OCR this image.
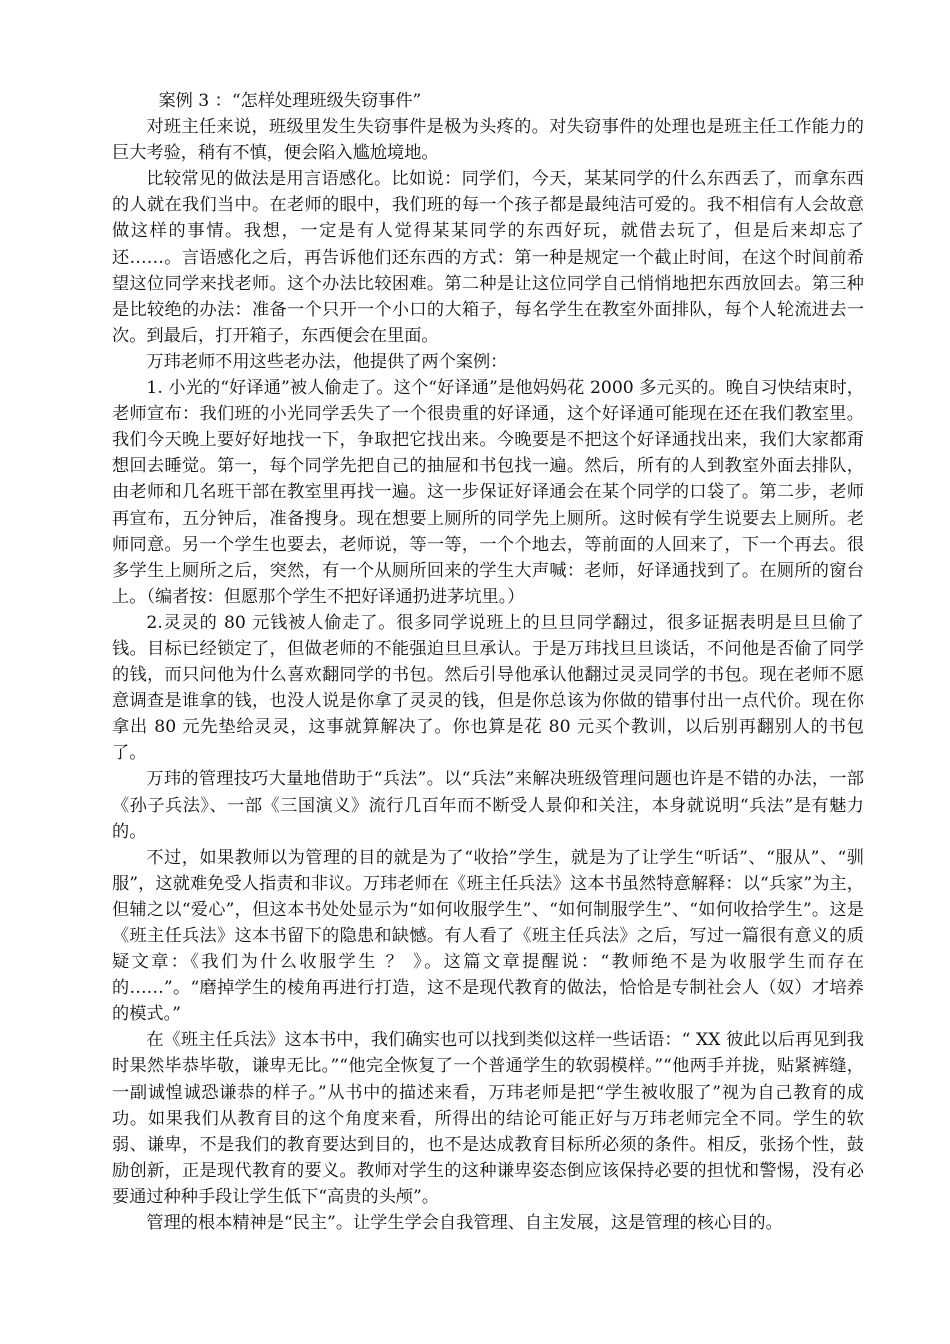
案例 3 ：“怎样处理班级失窃事件”

对班主任来说，班级里发生失窃事件是极为头疼的。对失窃事件的处理也是班主任工作能力的巨大考验，稍有不慎，便会陷入尴尬境地。

比较常见的做法是用言语感化。比如说：同学们，今天，某某同学的什么东西丢了，而拿东西的人就在我们当中。在老师的眼中，我们班的每一个孩子都是最纯洁可爱的。我不相信有人会故意做这样的事情。我想，一定是有人觉得某某同学的东西好玩，就借去玩了，但是后来却忘了还……。言语感化之后，再告诉他们还东西的方式：第一种是规定一个截止时间，在这个时间前希望这位同学来找老师。这个办法比较困难。第二种是让这位同学自己悄悄地把东西放回去。第三种是比较绝的办法：准备一个只开一个小口的大箱子，每名学生在教室外面排队，每个人轮流进去一次。到最后，打开箱子，东西便会在里面。

万玮老师不用这些老办法，他提供了两个案例：

1. 小光的“好译通”被人偷走了。这个“好译通”是他妈妈花 2000 多元买的。晚自习快结束时，老师宣布：我们班的小光同学丢失了一个很贵重的好译通，这个好译通可能现在还在我们教室里。我们今天晚上要好好地找一下，争取把它找出来。今晚要是不把这个好译通找出来，我们大家都甭想回去睡觉。第一，每个同学先把自己的抽屉和书包找一遍。然后，所有的人到教室外面去排队，由老师和几名班干部在教室里再找一遍。这一步保证好译通会在某个同学的口袋了。第二步，老师再宣布，五分钟后，准备搜身。现在想要上厕所的同学先上厕所。这时候有学生说要去上厕所。老师同意。另一个学生也要去，老师说，等一等，一个个地去，等前面的人回来了，下一个再去。很多学生上厕所之后，突然，有一个从厕所回来的学生大声喊：老师，好译通找到了。在厕所的窗台上。（编者按：但愿那个学生不把好译通扔进茅坑里。）

2.灵灵的 80 元钱被人偷走了。很多同学说班上的旦旦同学翻过，很多证据表明是旦旦偷了钱。目标已经锁定了，但做老师的不能强迫旦旦承认。于是万玮找旦旦谈话，不问他是否偷了同学的钱，而只问他为什么喜欢翻同学的书包。然后引导他承认他翻过灵灵同学的书包。现在老师不愿意调查是谁拿的钱，也没人说是你拿了灵灵的钱，但是你总该为你做的错事付出一点代价。现在你拿出 80 元先垫给灵灵，这事就算解决了。你也算是花 80 元买个教训，以后别再翻别人的书包了。

万玮的管理技巧大量地借助于“兵法”。以“兵法”来解决班级管理问题也许是不错的办法，一部《孙子兵法》、一部《三国演义》流行几百年而不断受人景仰和关注，本身就说明“兵法”是有魅力的。

不过，如果教师以为管理的目的就是为了“收拾”学生，就是为了让学生“听话”、“服从”、“驯服”，这就难免受人指责和非议。万玮老师在《班主任兵法》这本书虽然特意解释：以“兵家”为主，但辅之以“爱心”，但这本书处处显示为“如何收服学生”、“如何制服学生”、“如何收拾学生”。这是《班主任兵法》这本书留下的隐患和缺憾。有人看了《班主任兵法》之后，写过一篇很有意义的质疑文章：《我们为什么收服学生 ？ 》。这篇文章提醒说：“教师绝不是为收服学生而存在的……”。“磨掉学生的棱角再进行打造，这不是现代教育的做法，恰恰是专制社会人（奴）才培养的模式。”

在《班主任兵法》这本书中，我们确实也可以找到类似这样一些话语：“ XX 彼此以后再见到我时果然毕恭毕敬，谦卑无比。”“他完全恢复了一个普通学生的软弱模样。”“他两手并拢，贴紧裤缝，一副诚惶诚恐谦恭的样子。”从书中的描述来看，万玮老师是把“学生被收服了”视为自己教育的成功。如果我们从教育目的这个角度来看，所得出的结论可能正好与万玮老师完全不同。学生的软弱、谦卑，不是我们的教育要达到目的，也不是达成教育目标所必须的条件。相反，张扬个性，鼓励创新，正是现代教育的要义。教师对学生的这种谦卑姿态倒应该保持必要的担忧和警惕，没有必要通过种种手段让学生低下“高贵的头颅”。

管理的根本精神是“民主”。让学生学会自我管理、自主发展，这是管理的核心目的。
